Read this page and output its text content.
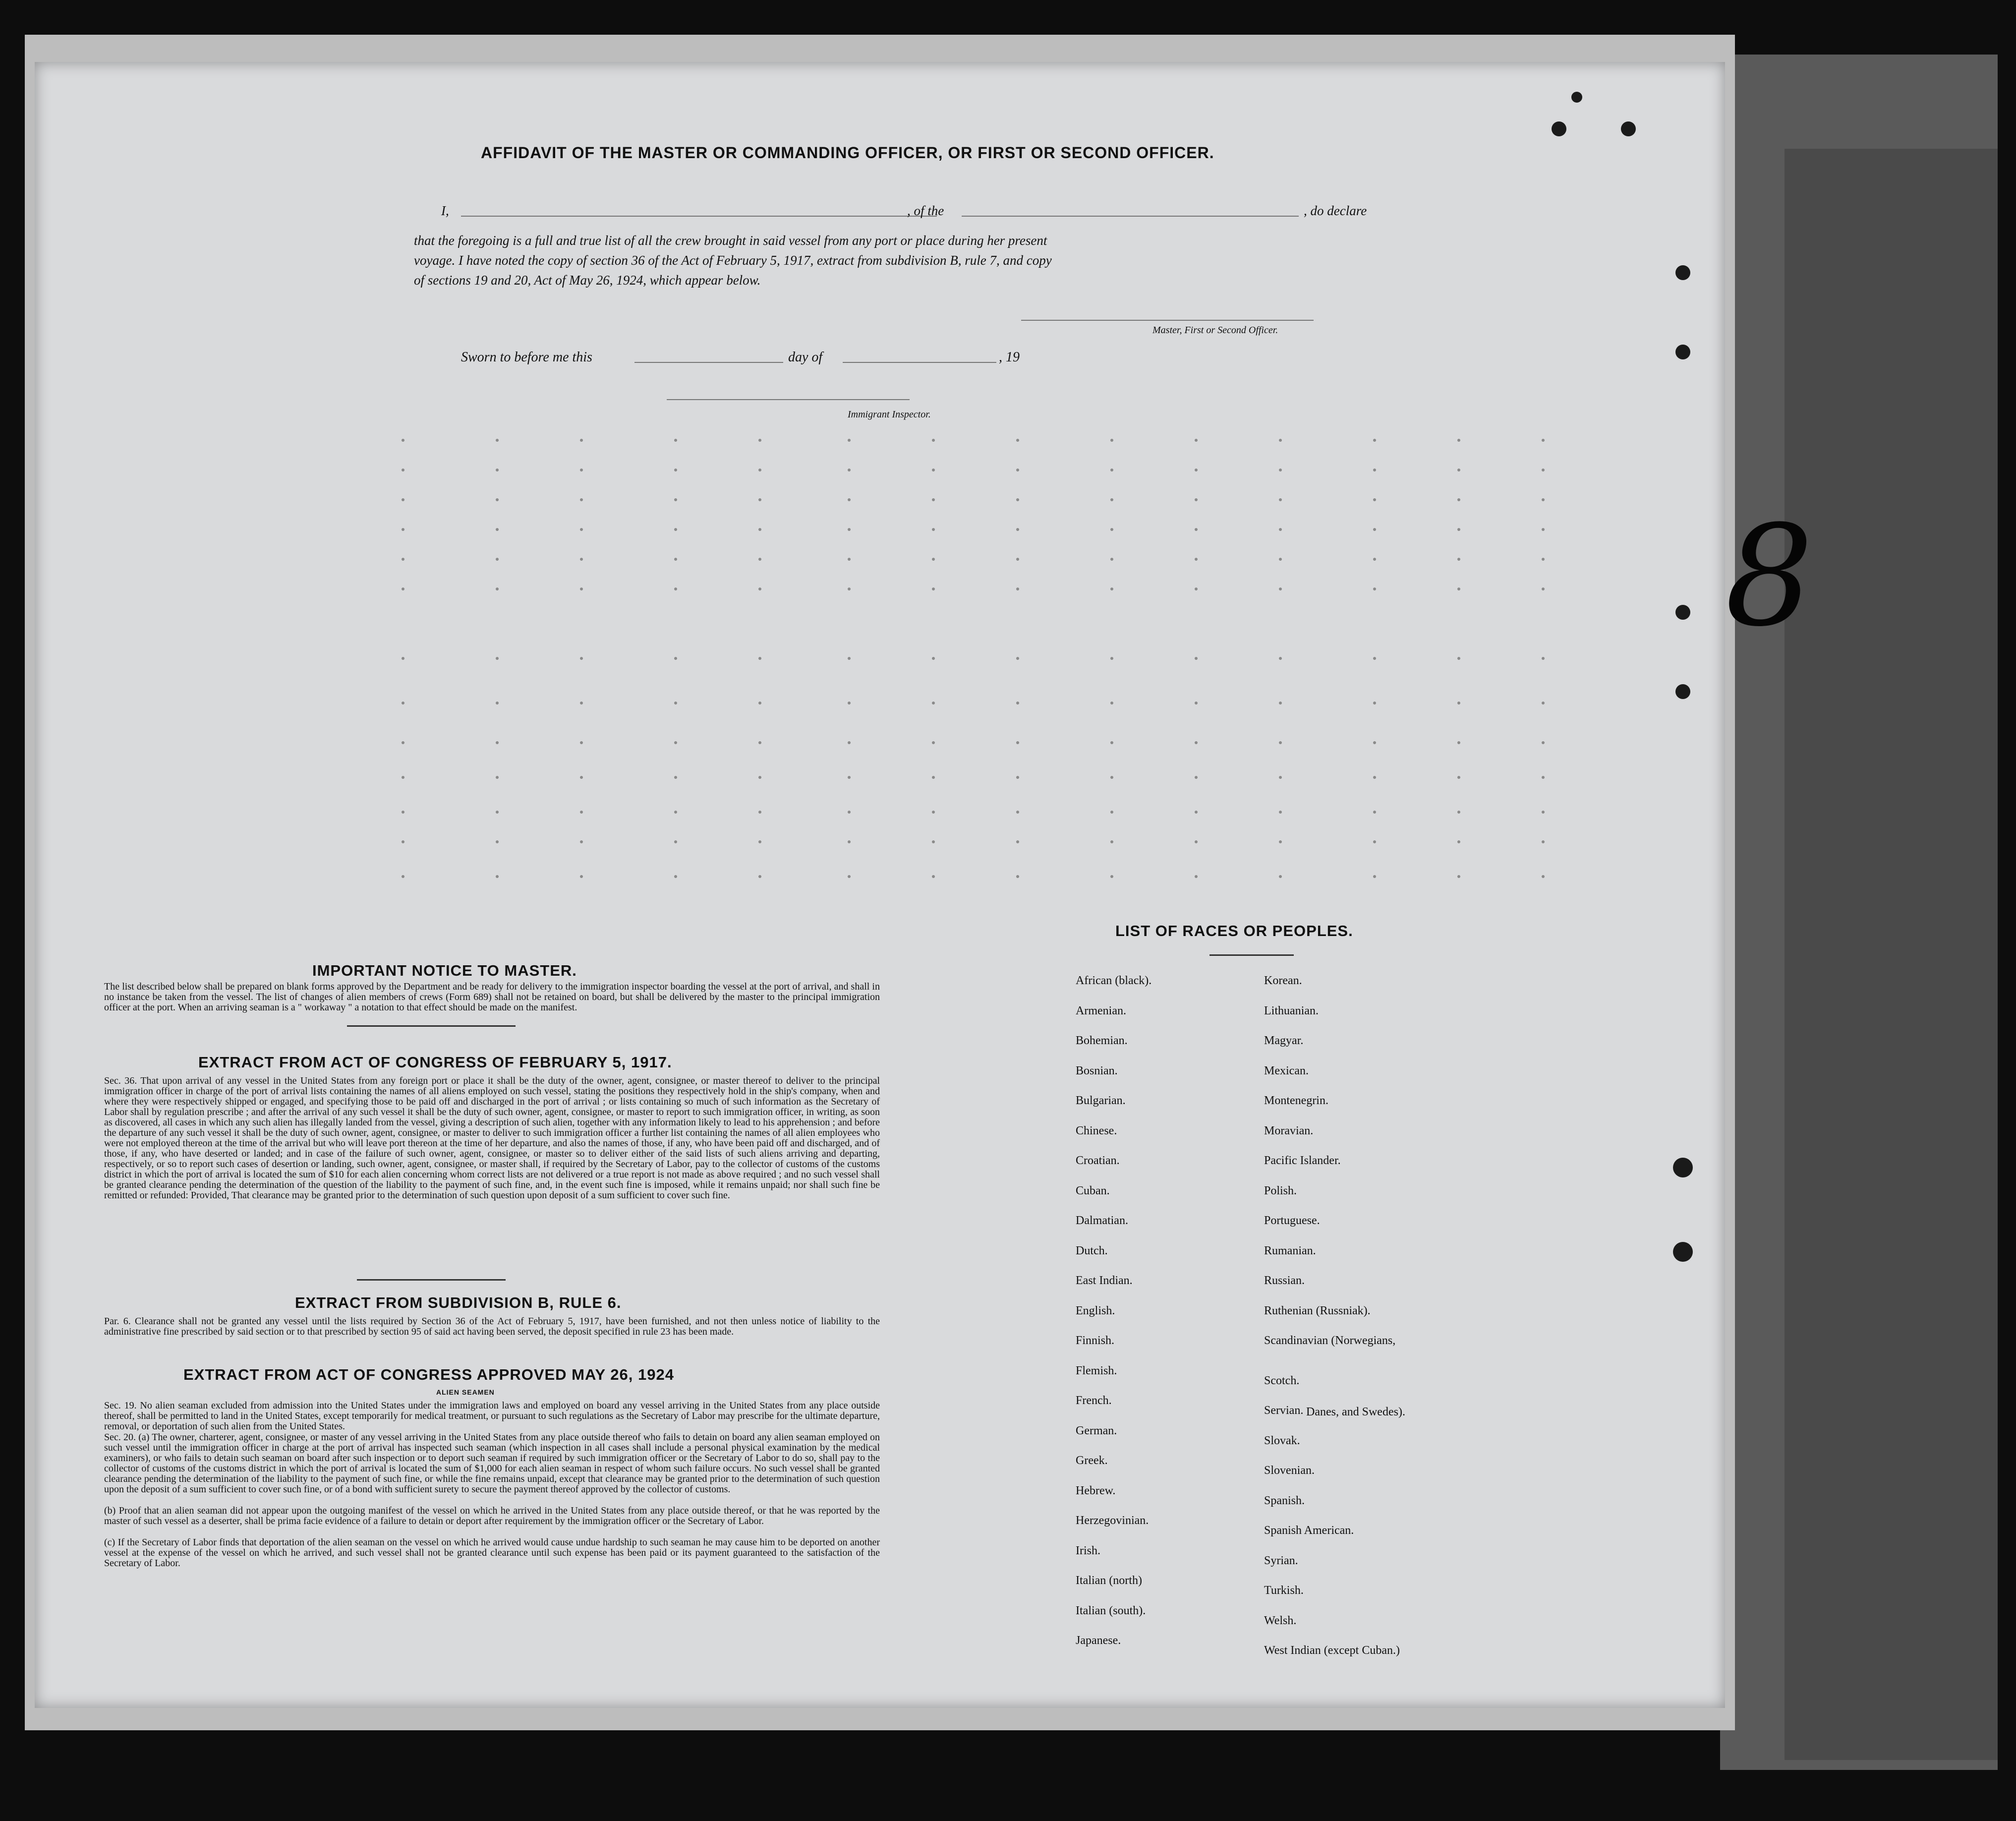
AFFIDAVIT OF THE MASTER OR COMMANDING OFFICER, OR FIRST OR SECOND OFFICER.
I,	, of the	, do declare
that the foregoing is a full and true list of all the crew brought in said vessel from any port or place during her present
voyage. I have noted the copy of section 36 of the Act of February 5, 1917, extract from subdivision B, rule 7, and copy
of sections 19 and 20, Act of May 26, 1924, which appear below.
Master, First or Second Officer.
Sworn to before me this	day of	, 19
Immigrant Inspector.
IMPORTANT NOTICE TO MASTER.
The list described below shall be prepared on blank forms approved by the Department and be ready for delivery to the immigration inspector boarding the vessel at the port of arrival, and shall in no instance be taken from the vessel. The list of changes of alien members of crews (Form 689) shall not be retained on board, but shall be delivered by the master to the principal immigration officer at the port. When an arriving seaman is a " workaway " a notation to that effect should be made on the manifest.
EXTRACT FROM ACT OF CONGRESS OF FEBRUARY 5, 1917.
Sec. 36. That upon arrival of any vessel in the United States from any foreign port or place it shall be the duty of the owner, agent, consignee, or master thereof to deliver to the principal immigration officer in charge of the port of arrival lists containing the names of all aliens employed on such vessel, stating the positions they respectively hold in the ship's company, when and where they were respectively shipped or engaged, and specifying those to be paid off and discharged in the port of arrival ; or lists containing so much of such information as the Secretary of Labor shall by regulation prescribe ; and after the arrival of any such vessel it shall be the duty of such owner, agent, consignee, or master to report to such immigration officer, in writing, as soon as discovered, all cases in which any such alien has illegally landed from the vessel, giving a description of such alien, together with any information likely to lead to his apprehension ; and before the departure of any such vessel it shall be the duty of such owner, agent, consignee, or master to deliver to such immigration officer a further list containing the names of all alien employees who were not employed thereon at the time of the arrival but who will leave port thereon at the time of her departure, and also the names of those, if any, who have been paid off and discharged, and of those, if any, who have deserted or landed; and in case of the failure of such owner, agent, consignee, or master so to deliver either of the said lists of such aliens arriving and departing, respectively, or so to report such cases of desertion or landing, such owner, agent, consignee, or master shall, if required by the Secretary of Labor, pay to the collector of customs of the customs district in which the port of arrival is located the sum of $10 for each alien concerning whom correct lists are not delivered or a true report is not made as above required ; and no such vessel shall be granted clearance pending the determination of the question of the liability to the payment of such fine, and, in the event such fine is imposed, while it remains unpaid; nor shall such fine be remitted or refunded: Provided, That clearance may be granted prior to the determination of such question upon deposit of a sum sufficient to cover such fine.
EXTRACT FROM SUBDIVISION B, RULE 6.
Par. 6. Clearance shall not be granted any vessel until the lists required by Section 36 of the Act of February 5, 1917, have been furnished, and not then unless notice of liability to the administrative fine prescribed by said section or to that prescribed by section 95 of said act having been served, the deposit specified in rule 23 has been made.
EXTRACT FROM ACT OF CONGRESS APPROVED MAY 26, 1924
ALIEN SEAMEN
Sec. 19. No alien seaman excluded from admission into the United States under the immigration laws and employed on board any vessel arriving in the United States from any place outside thereof, shall be permitted to land in the United States, except temporarily for medical treatment, or pursuant to such regulations as the Secretary of Labor may prescribe for the ultimate departure, removal, or deportation of such alien from the United States.
Sec. 20. (a) The owner, charterer, agent, consignee, or master of any vessel arriving in the United States from any place outside thereof who fails to detain on board any alien seaman employed on such vessel until the immigration officer in charge at the port of arrival has inspected such seaman (which inspection in all cases shall include a personal physical examination by the medical examiners), or who fails to detain such seaman on board after such inspection or to deport such seaman if required by such immigration officer or the Secretary of Labor to do so, shall pay to the collector of customs of the customs district in which the port of arrival is located the sum of $1,000 for each alien seaman in respect of whom such failure occurs. No such vessel shall be granted clearance pending the determination of the liability to the payment of such fine, or while the fine remains unpaid, except that clearance may be granted prior to the determination of such question upon the deposit of a sum sufficient to cover such fine, or of a bond with sufficient surety to secure the payment thereof approved by the collector of customs.
(b) Proof that an alien seaman did not appear upon the outgoing manifest of the vessel on which he arrived in the United States from any place outside thereof, or that he was reported by the master of such vessel as a deserter, shall be prima facie evidence of a failure to detain or deport after requirement by the immigration officer or the Secretary of Labor.
(c) If the Secretary of Labor finds that deportation of the alien seaman on the vessel on which he arrived would cause undue hardship to such seaman he may cause him to be deported on another vessel at the expense of the vessel on which he arrived, and such vessel shall not be granted clearance until such expense has been paid or its payment guaranteed to the satisfaction of the Secretary of Labor.
LIST OF RACES OR PEOPLES.
Danes, and Swedes).
African (black).
Armenian.
Bohemian.
Bosnian.
Bulgarian.
Chinese.
Croatian.
Cuban.
Dalmatian.
Dutch.
East Indian.
English.
Finnish.
Flemish.
French.
German.
Greek.
Hebrew.
Herzegovinian.
Irish.
Italian (north)
Italian (south).
Japanese.
Korean.
Lithuanian.
Magyar.
Mexican.
Montenegrin.
Moravian.
Pacific Islander.
Polish.
Portuguese.
Rumanian.
Russian.
Ruthenian (Russniak).
Scandinavian (Norwegians,
Scotch.
Servian.
Slovak.
Slovenian.
Spanish.
Spanish American.
Syrian.
Turkish.
Welsh.
West Indian (except Cuban.)
8
